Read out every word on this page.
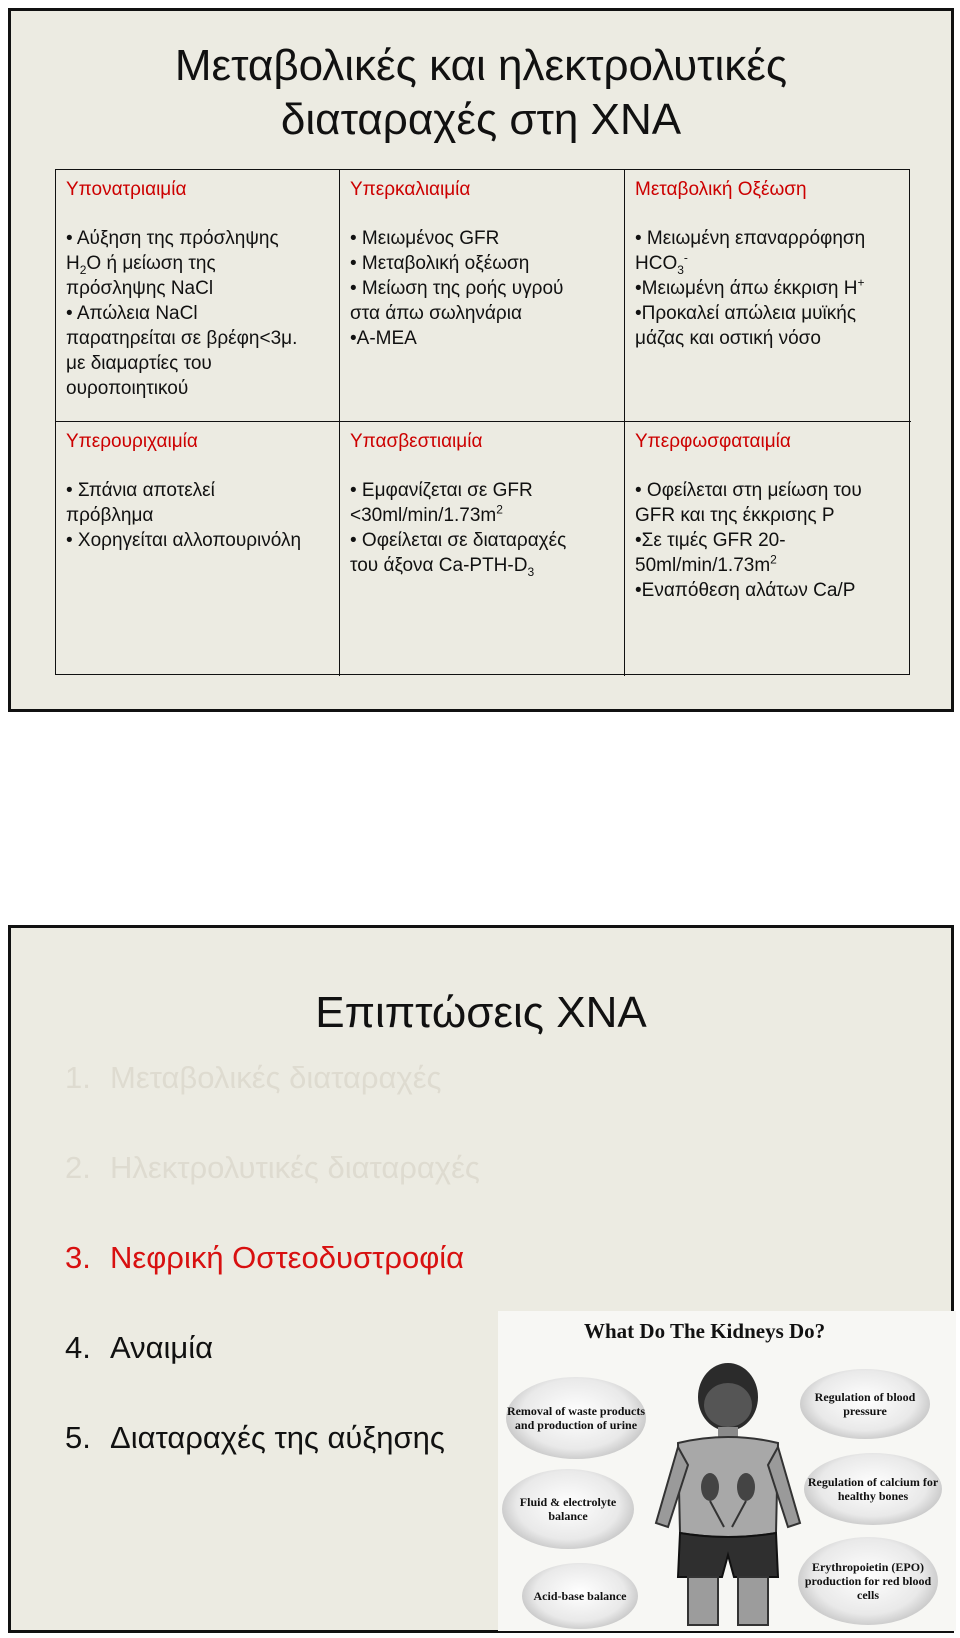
Μεταβολικές και ηλεκτρολυτικές
διαταραχές στη ΧΝΑ
Υπονατριαιμία
• Αύξηση της πρόσληψης
$H_2O$ ή μείωση της
πρόσληψης NaCl
• Απώλεια NaCl
παρατηρείται σε βρέφη<3μ.
με διαμαρτίες του
ουροποιητικού
Υπερκαλιαιμία
• Μειωμένος GFR
• Μεταβολική οξέωση
• Μείωση της ροής υγρού
στα άπω σωληνάρια
•Α-ΜΕΑ
Μεταβολική Οξέωση
• Μειωμένη επαναρρόφηση
$HCO_3^-$
•Μειωμένη άπω έκκριση H+
•Προκαλεί απώλεια μυϊκής
μάζας και οστική νόσο
Υπερουριχαιμία
• Σπάνια αποτελεί
πρόβλημα
• Χορηγείται αλλοπουρινόλη
Υπασβεστιαιμία
• Εμφανίζεται σε GFR
$<30ml/\min/1.73m^2$
• Οφείλεται σε διαταραχές
του άξονα $Ca-PTH-D_3$
Υπερφωσφαταιμία
• Οφείλεται στη μείωση του
GFR και της έκκρισης P
•Σε τιμές GFR 20-
$50ml/\min/1.73m^2$
•Εναπόθεση αλάτων Ca/P
Επιπτώσεις ΧΝΑ
1. Μεταβολικές διαταραχές
2. Ηλεκτρολυτικές διαταραχές
3. Νεφρική Οστεοδυστροφία
4. Αναιμία
5. Διαταραχές της αύξησης
What Do The Kidneys Do?
Removal of waste products and production of urine
Regulation of blood pressure
Fluid & electrolyte balance
Regulation of calcium for healthy bones
Acid-base balance
Erythropoietin (EPO) production for red blood cells
